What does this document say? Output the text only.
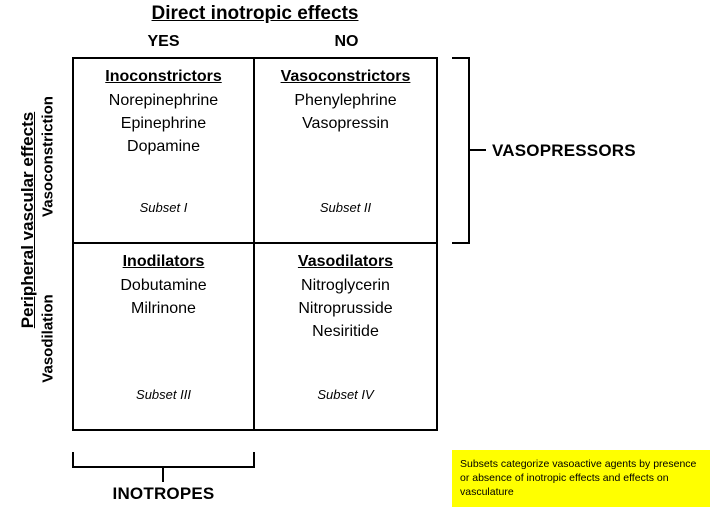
Direct inotropic effects
YES	NO
Peripheral vascular effects Vasoconstriction
Vasodilation
Inoconstrictors
Norepinephrine
Epinephrine
Dopamine
Subset I
Vasoconstrictors
Phenylephrine
Vasopressin
Subset II
Inodilators
Dobutamine
Milrinone
Subset III
Vasodilators
Nitroglycerin
Nitroprusside
Nesiritide
Subset IV
VASOPRESSORS
INOTROPES
Subsets categorize vasoactive agents by presence or absence of inotropic effects and effects on vasculature
